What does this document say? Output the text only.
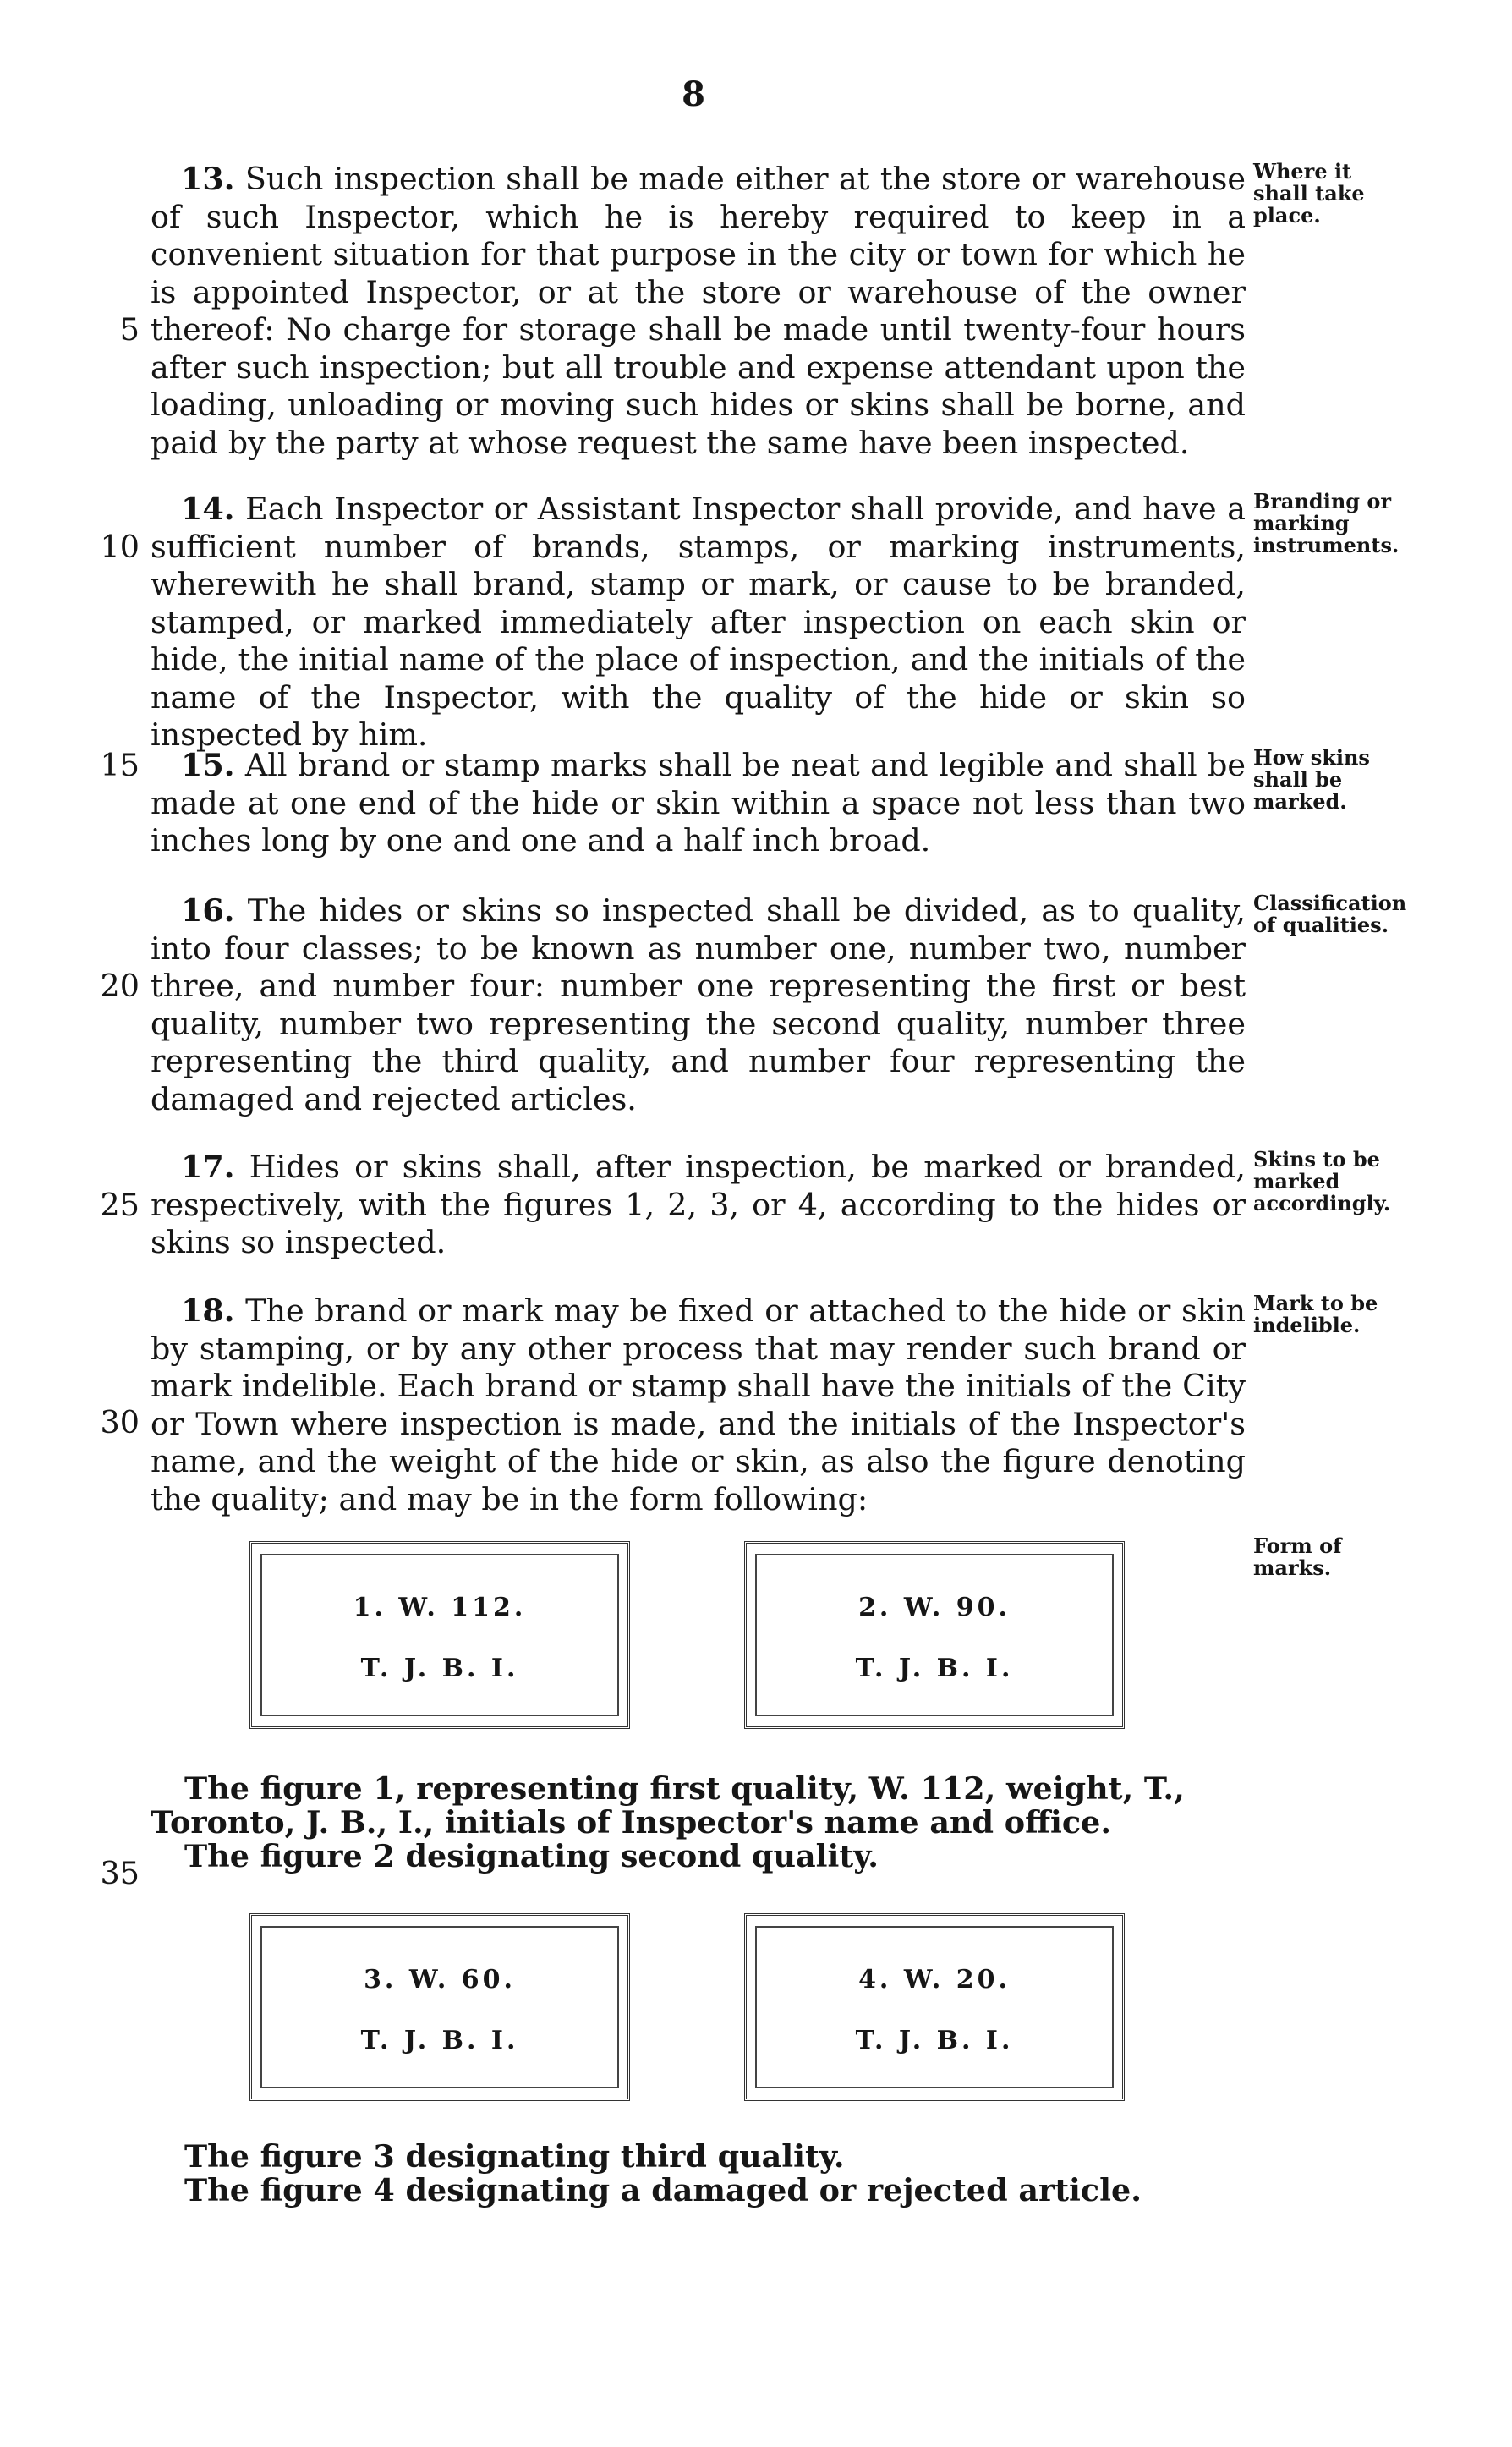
8

13. Such inspection shall be made either at the store or warehouse of such Inspector, which he is hereby required to keep in a convenient situation for that purpose in the city or town for which he is appointed Inspector, or at the store or warehouse of the owner thereof: No charge for storage shall be made until twenty-four hours after such inspection; but all trouble and expense attendant upon the loading, unloading or moving such hides or skins shall be borne, and paid by the party at whose request the same have been inspected.

14. Each Inspector or Assistant Inspector shall provide, and have a sufficient number of brands, stamps, or marking instruments, wherewith he shall brand, stamp or mark, or cause to be branded, stamped, or marked immediately after inspection on each skin or hide, the initial name of the place of inspection, and the initials of the name of the Inspector, with the quality of the hide or skin so inspected by him.

15. All brand or stamp marks shall be neat and legible and shall be made at one end of the hide or skin within a space not less than two inches long by one and one and a half inch broad.

16. The hides or skins so inspected shall be divided, as to quality, into four classes; to be known as number one, number two, number three, and number four: number one representing the first or best quality, number two representing the second quality, number three representing the third quality, and number four representing the damaged and rejected articles.

17. Hides or skins shall, after inspection, be marked or branded, respectively, with the figures 1, 2, 3, or 4, according to the hides or skins so inspected.

18. The brand or mark may be fixed or attached to the hide or skin by stamping, or by any other process that may render such brand or mark indelible. Each brand or stamp shall have the initials of the City or Town where inspection is made, and the initials of the Inspector's name, and the weight of the hide or skin, as also the figure denoting the quality; and may be in the form following:

5
10
15
20
25
30
35
Where it shall take place.
Branding or marking instruments.
How skins shall be marked.
Classification of qualities.
Skins to be marked accordingly.
Mark to be indelible.
Form of marks.
1. W. 112.
T. J. B. I.
2. W. 90.
T. J. B. I.

The figure 1, representing first quality, W. 112, weight, T., Toronto, J. B., I., initials of Inspector's name and office.

The figure 2 designating second quality.

3. W. 60.
T. J. B. I.
4. W. 20.
T. J. B. I.

The figure 3 designating third quality.

The figure 4 designating a damaged or rejected article.
